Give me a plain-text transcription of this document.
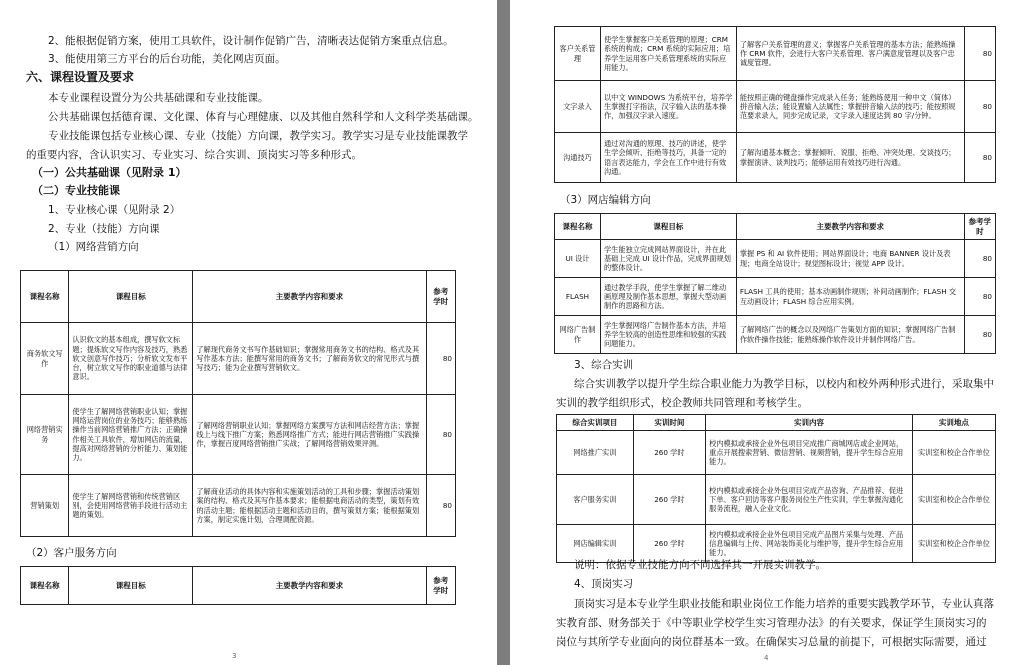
2、能根据促销方案，使用工具软件，设计制作促销广告，清晰表达促销方案重点信息。
3、能使用第三方平台的后台功能，美化网店页面。
六、课程设置及要求
本专业课程设置分为公共基础课和专业技能课。
公共基础课包括德育课、文化课、体育与心理健康、以及其他自然科学和人文科学类基础课。
专业技能课包括专业核心课、专业（技能）方向课，教学实习。教学实习是专业技能课教学
的重要内容，含认识实习、专业实习、综合实训、顶岗实习等多种形式。
（一）公共基础课（见附录 1）
（二）专业技能课
1、专业核心课（见附录 2）
2、专业（技能）方向课
（1）网络营销方向
课程名称	课程目标	主要教学内容和要求	参考学时
商务软文写作	认识软文的基本组成，撰写软文标题；提炼软文写作内容及技巧，熟悉软文创意写作技巧；分析软文发布平台，树立软文写作的职业道德与法律意识。	了解现代商务文书写作基础知识；掌握常用商务文书的结构、格式及其写作基本方法；能撰写常用的商务文书；了解商务软文的常见形式与撰写技巧；能为企业撰写营销软文。	80
网络营销实务	使学生了解网络营销职业认知；掌握网络运营岗位的业务技巧；能够熟练操作当前网络营销推广方法；正确操作相关工具软件，增加网店的流量，提高对网络营销的分析能力、策划能力。	了解网络营销职业认知；掌握网络方案撰写方法和网店经营方法；掌握线上与线下推广方案；熟悉网络推广方式；能进行网店营销推广实践操作，掌握百度网络营销推广实战；了解网络营销效果评测。	80
营销策划	使学生了解网络营销和传统营销区别，会使用网络营销手段进行活动主题的策划。	了解商业活动的具体内容和实施策划活动的工具和步骤；掌握活动策划案的结构、格式及其写作基本要求；能根据电商活动的类型，策划有效的活动主题；能根据活动主题和活动目的，撰写策划方案；能根据策划方案，制定实施计划，合理调配资源。	80
（2）客户服务方向
课程名称	课程目标	主要教学内容和要求	参考学时
3
客户关系管理	使学生掌握客户关系管理的原理；CRM 系统的构成；CRM 系统的实际应用；培养学生运用客户关系管理系统的实际应用能力。	了解客户关系管理的意义；掌握客户关系管理的基本方法；能熟练操作 CRM 软件，会进行大客户关系管理、客户满意度管理以及客户忠诚度管理。	80
文字录入	以中文 WINDOWS 为系统平台，培养学生掌握打字指法，汉字输入法的基本操作，加强汉字录入速度。	能按照正确的键盘操作完成录入任务；能熟练使用一种中文（简体）拼音输入法；能设置输入法属性；掌握拼音输入法的技巧；能按照规范要求录入，同步完成记录，文字录入速度达到 80 字/分钟。	80
沟通技巧	通过对沟通的原理、技巧的讲述，使学生学会倾听、拒绝等技巧，具备一定的语言表达能力，学会在工作中进行有效沟通。	了解沟通基本概念；掌握倾听、说服、拒绝、冲突处理、交谈技巧；掌握演讲、谈判技巧；能够运用有效技巧进行沟通。	80
（3）网店编辑方向
课程名称	课程目标	主要教学内容和要求	参考学时
UI 设计	学生能独立完成网站界面设计，并在此基础上完成 UI 设计作品，完成界面规划的整体设计。	掌握 PS 和 AI 软件使用；网站界面设计；电商 BANNER 设计及表现；电商全站设计；视觉图标设计；视觉 APP 设计。	80
FLASH	通过教学手段，使学生掌握了解二维动画原理及制作基本思想，掌握大型动画制作的思路和方法。	FLASH 工具的使用；基本动画制作规则；补间动画制作；FLASH 交互动画设计；FLASH 综合应用实例。	80
网络广告制作	学生掌握网络广告制作基本方法，并培养学生较高的创造性思维和较强的实践问题能力。	了解网络广告的概念以及网络广告策划方面的知识；掌握网络广告制作软件操作技能；能熟练操作软件设计并制作网络广告。	80
3、综合实训
综合实训教学以提升学生综合职业能力为教学目标，以校内和校外两种形式进行，采取集中
实训的教学组织形式，校企教师共同管理和考核学生。
综合实训项目	实训时间	实训内容	实训地点
网络推广实训	260 学时	校内模拟或承接企业外包项目完成推广商城网店或企业网站，重点开展搜索营销、微信营销、视频营销，提升学生综合应用能力。	实训室和校企合作单位
客户服务实训	260 学时	校内模拟或承接企业外包项目完成产品咨询、产品推荐、促进下单、客户回访等客户服务岗位生产性实训，学生掌握沟通化服务流程，融入企业文化。	实训室和校企合作单位
网店编辑实训	260 学时	校内模拟或承接企业外包项目完成产品图片采集与处理、产品信息编辑与上传、网站装饰美化与维护等，提升学生综合应用能力。	实训室和校企合作单位
说明：依据专业技能方向不同选择其一开展实训教学。
4、顶岗实习
顶岗实习是本专业学生职业技能和职业岗位工作能力培养的重要实践教学环节，专业认真落
实教育部、财务部关于《中等职业学校学生实习管理办法》的有关要求，保证学生顶岗实习的
岗位与其所学专业面向的岗位群基本一致。在确保实习总量的前提下，可根据实际需要，通过
4
